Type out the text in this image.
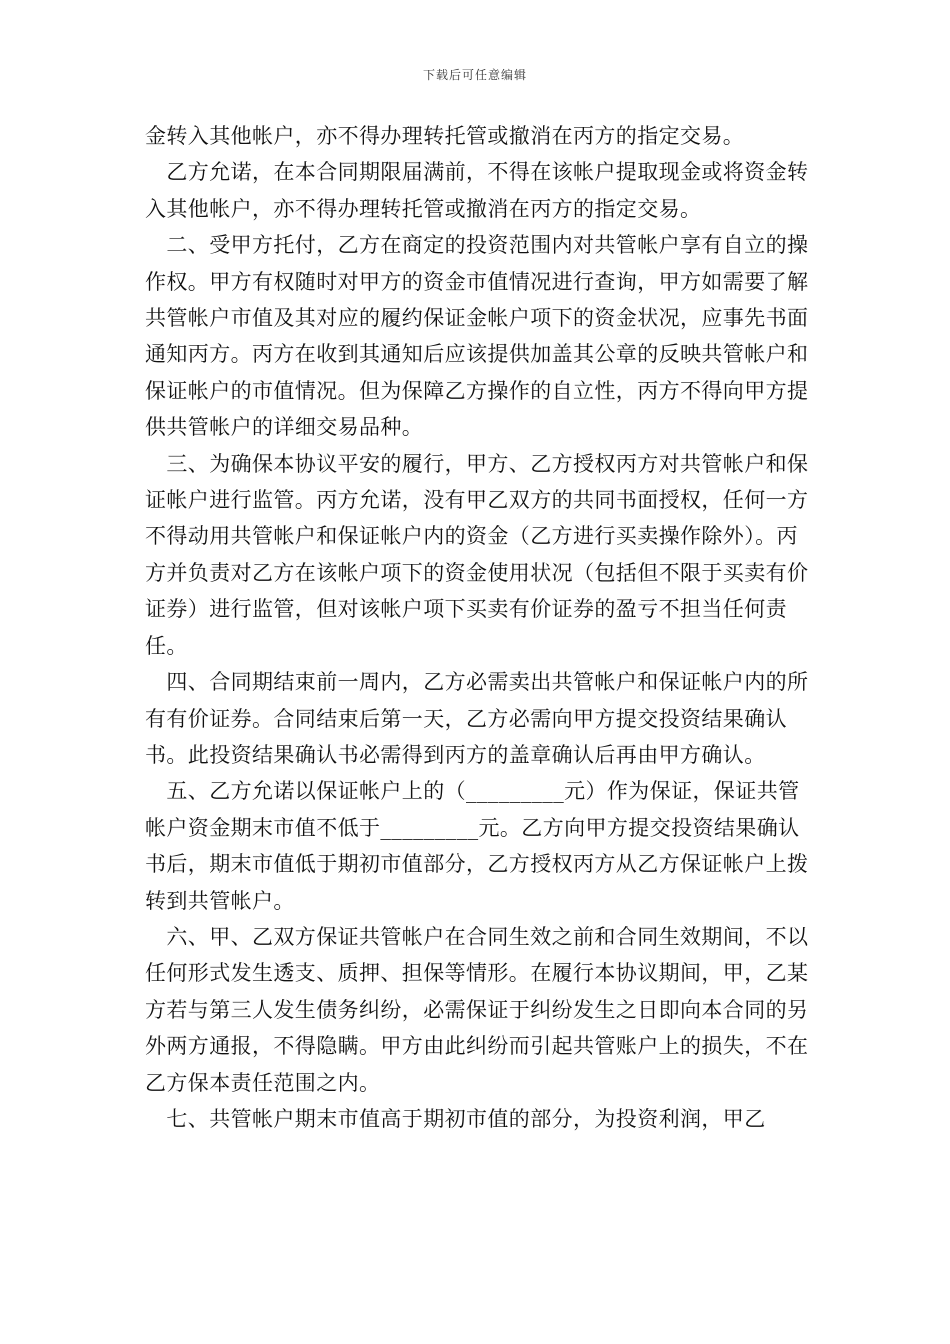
下载后可任意编辑

金转入其他帐户，亦不得办理转托管或撤消在丙方的指定交易。

　乙方允诺，在本合同期限届满前，不得在该帐户提取现金或将资金转入其他帐户，亦不得办理转托管或撤消在丙方的指定交易。

　二、受甲方托付，乙方在商定的投资范围内对共管帐户享有自立的操作权。甲方有权随时对甲方的资金市值情况进行查询，甲方如需要了解共管帐户市值及其对应的履约保证金帐户项下的资金状况，应事先书面通知丙方。丙方在收到其通知后应该提供加盖其公章的反映共管帐户和保证帐户的市值情况。但为保障乙方操作的自立性，丙方不得向甲方提供共管帐户的详细交易品种。

　三、为确保本协议平安的履行，甲方、乙方授权丙方对共管帐户和保证帐户进行监管。丙方允诺，没有甲乙双方的共同书面授权，任何一方不得动用共管帐户和保证帐户内的资金（乙方进行买卖操作除外）。丙方并负责对乙方在该帐户项下的资金使用状况（包括但不限于买卖有价证券）进行监管，但对该帐户项下买卖有价证券的盈亏不担当任何责任。

　四、合同期结束前一周内，乙方必需卖出共管帐户和保证帐户内的所有有价证券。合同结束后第一天，乙方必需向甲方提交投资结果确认书。此投资结果确认书必需得到丙方的盖章确认后再由甲方确认。

　五、乙方允诺以保证帐户上的（_________元）作为保证，保证共管帐户资金期末市值不低于_________元。乙方向甲方提交投资结果确认书后，期末市值低于期初市值部分，乙方授权丙方从乙方保证帐户上拨转到共管帐户。

　六、甲、乙双方保证共管帐户在合同生效之前和合同生效期间，不以任何形式发生透支、质押、担保等情形。在履行本协议期间，甲，乙某方若与第三人发生债务纠纷，必需保证于纠纷发生之日即向本合同的另外两方通报，不得隐瞒。甲方由此纠纷而引起共管账户上的损失，不在乙方保本责任范围之内。

　七、共管帐户期末市值高于期初市值的部分，为投资利润，甲乙
